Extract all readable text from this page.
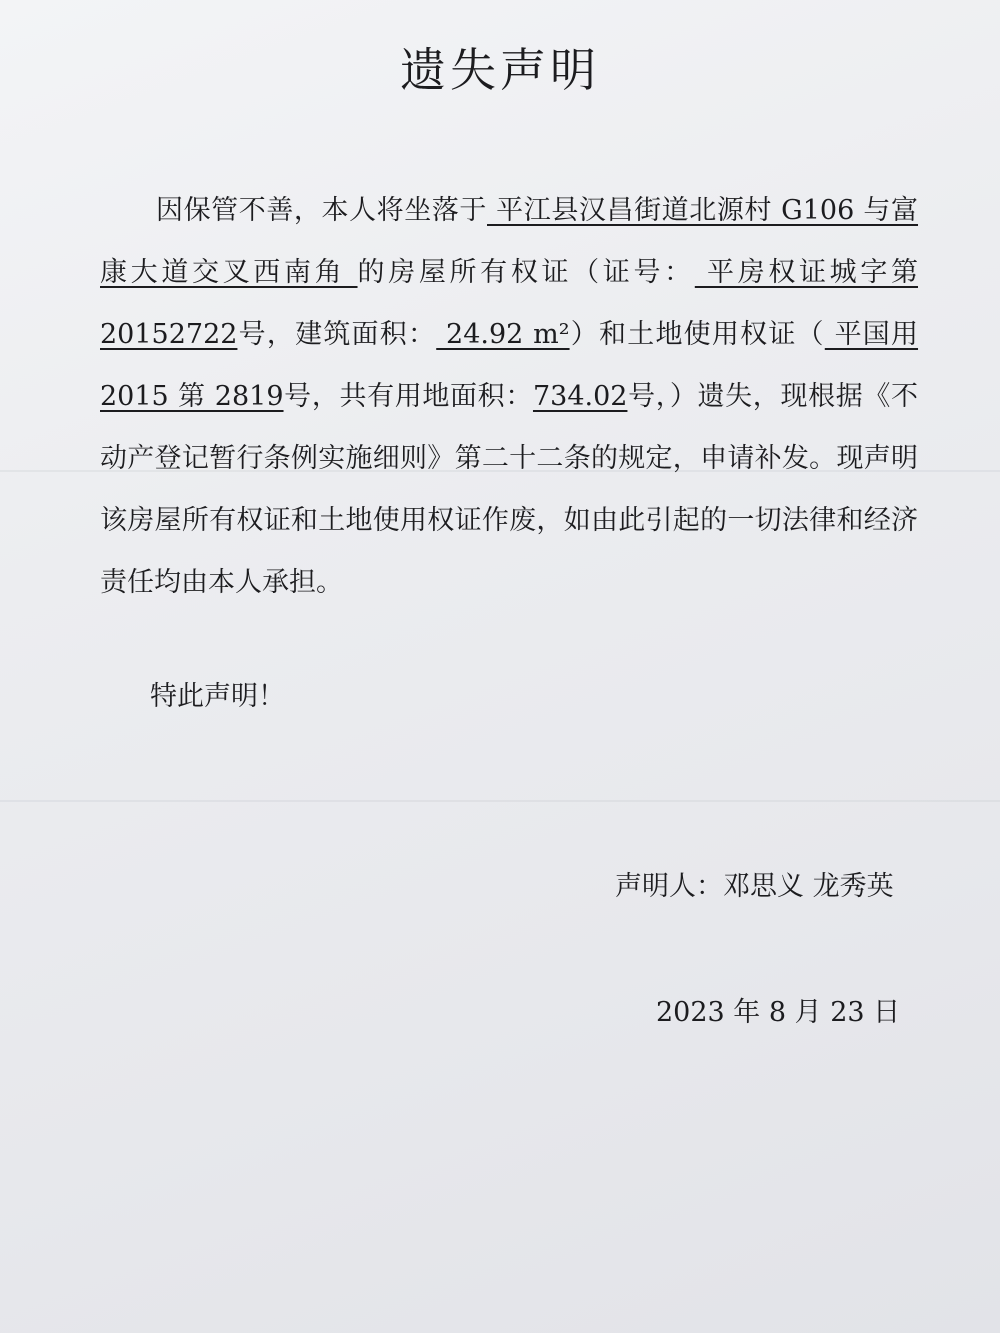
遗失声明

因保管不善，本人将坐落于 平江县汉昌街道北源村 G106 与富康大道交叉西南角 的房屋所有权证（证号： 平房权证城字第 20152722号，建筑面积： 24.92 m²）和土地使用权证（ 平国用 2015 第 2819号，共有用地面积：734.02号，）遗失，现根据《不动产登记暂行条例实施细则》第二十二条的规定，申请补发。现声明该房屋所有权证和土地使用权证作废，如由此引起的一切法律和经济责任均由本人承担。

特此声明！

声明人：邓思义 龙秀英

2023 年 8 月 23 日
